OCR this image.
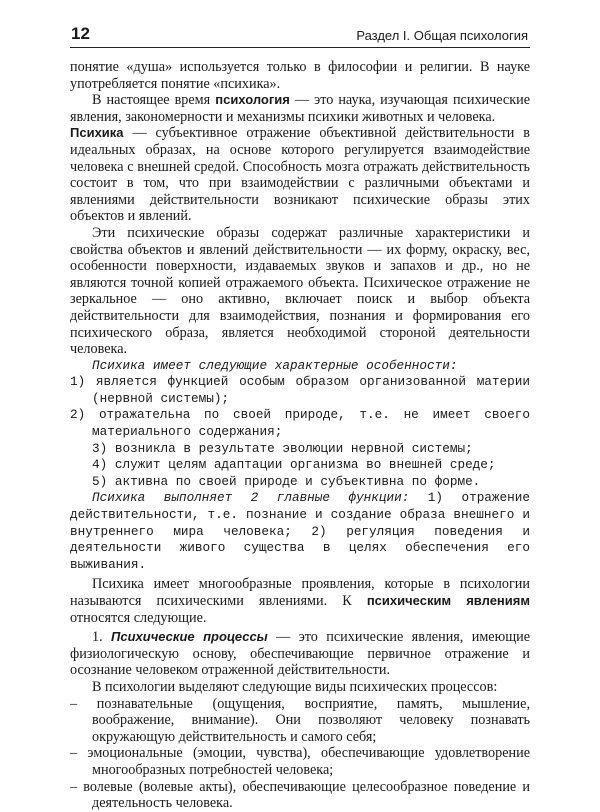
12	Раздел I. Общая психология

понятие «душа» используется только в философии и религии. В науке употребляется понятие «психика».

В настоящее время психология — это наука, изучающая психические явления, закономерности и механизмы психики животных и человека.

Психика — субъективное отражение объективной действительности в идеальных образах, на основе которого регулируется взаимодействие человека с внешней средой. Способность мозга отражать действительность состоит в том, что при взаимодействии с различными объектами и явлениями действительности возникают психические образы этих объектов и явлений.

Эти психические образы содержат различные характеристики и свойства объектов и явлений действительности — их форму, окраску, вес, особенности поверхности, издаваемых звуков и запахов и др., но не являются точной копией отражаемого объекта. Психическое отражение не зеркальное — оно активно, включает поиск и выбор объекта действительности для взаимодействия, познания и формирования его психического образа, является необходимой стороной деятельности человека.

Психика имеет следующие характерные особенности:

1) является функцией особым образом организованной материи (нервной системы);

2) отражательна по своей природе, т.е. не имеет своего материального содержания;

3) возникла в результате эволюции нервной системы;

4) служит целям адаптации организма во внешней среде;

5) активна по своей природе и субъективна по форме.

Психика выполняет 2 главные функции: 1) отражение действительности, т.е. познание и создание образа внешнего и внутреннего мира человека; 2) регуляция поведения и деятельности живого существа в целях обеспечения его выживания.

Психика имеет многообразные проявления, которые в психологии называются психическими явлениями. К психическим явлениям относятся следующие.

1. Психические процессы — это психические явления, имеющие физиологическую основу, обеспечивающие первичное отражение и осознание человеком отраженной действительности.

В психологии выделяют следующие виды психических процессов:

– познавательные (ощущения, восприятие, память, мышление, воображение, внимание). Они позволяют человеку познавать окружающую действительность и самого себя;

– эмоциональные (эмоции, чувства), обеспечивающие удовлетворение многообразных потребностей человека;

– волевые (волевые акты), обеспечивающие целесообразное поведение и деятельность человека.
